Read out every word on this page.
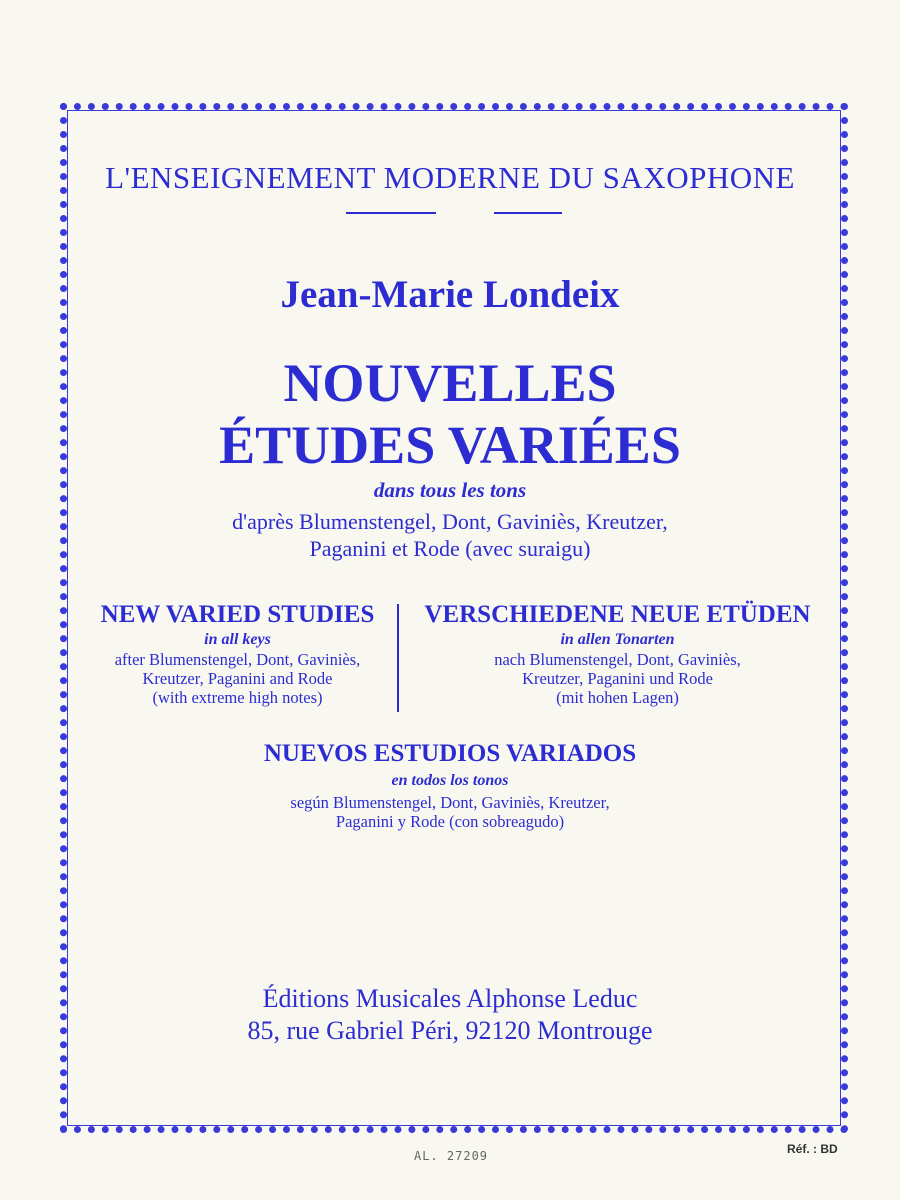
L'ENSEIGNEMENT MODERNE DU SAXOPHONE
Jean-Marie Londeix
NOUVELLES
ÉTUDES VARIÉES
dans tous les tons
d'après Blumenstengel, Dont, Gaviniès, Kreutzer,
Paganini et Rode (avec suraigu)
NEW VARIED STUDIES
in all keys
after Blumenstengel, Dont, Gaviniès,
Kreutzer, Paganini and Rode
(with extreme high notes)
VERSCHIEDENE NEUE ETÜDEN
in allen Tonarten
nach Blumenstengel, Dont, Gaviniès,
Kreutzer, Paganini und Rode
(mit hohen Lagen)
NUEVOS ESTUDIOS VARIADOS
en todos los tonos
según Blumenstengel, Dont, Gaviniès, Kreutzer,
Paganini y Rode (con sobreagudo)
Éditions Musicales Alphonse Leduc
85, rue Gabriel Péri, 92120 Montrouge
AL. 27209	Réf. : BD
